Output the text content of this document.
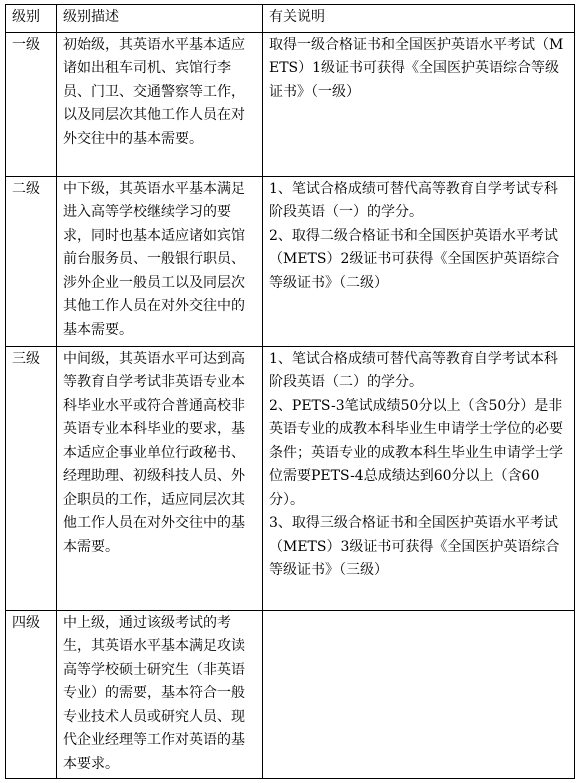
级别	级别描述	有关说明
一级	初始级，其英语水平基本适应诸如出租车司机、宾馆行李员、门卫、交通警察等工作，以及同层次其他工作人员在对外交往中的基本需要。	取得一级合格证书和全国医护英语水平考试（METS）1级证书可获得《全国医护英语综合等级证书》（一级）

二级	中下级，其英语水平基本满足进入高等学校继续学习的要求，同时也基本适应诸如宾馆前台服务员、一般银行职员、涉外企业一般员工以及同层次其他工作人员在对外交往中的基本需要。	1、笔试合格成绩可替代高等教育自学考试专科阶段英语（一）的学分。

2、取得二级合格证书和全国医护英语水平考试（METS）2级证书可获得《全国医护英语综合等级证书》（二级）

三级	中间级，其英语水平可达到高等教育自学考试非英语专业本科毕业水平或符合普通高校非英语专业本科毕业的要求，基本适应企事业单位行政秘书、经理助理、初级科技人员、外企职员的工作，适应同层次其他工作人员在对外交往中的基本需要。	1、笔试合格成绩可替代高等教育自学考试本科阶段英语（二）的学分。

2、PETS-3笔试成绩50分以上（含50分）是非英语专业的成教本科毕业生申请学士学位的必要条件；英语专业的成教本科生毕业生申请学士学位需要PETS-4总成绩达到60分以上（含60分）。

3、取得三级合格证书和全国医护英语水平考试（METS）3级证书可获得《全国医护英语综合等级证书》（三级）

四级	中上级，通过该级考试的考生，其英语水平基本满足攻读高等学校硕士研究生（非英语专业）的需要，基本符合一般专业技术人员或研究人员、现代企业经理等工作对英语的基本要求。	
